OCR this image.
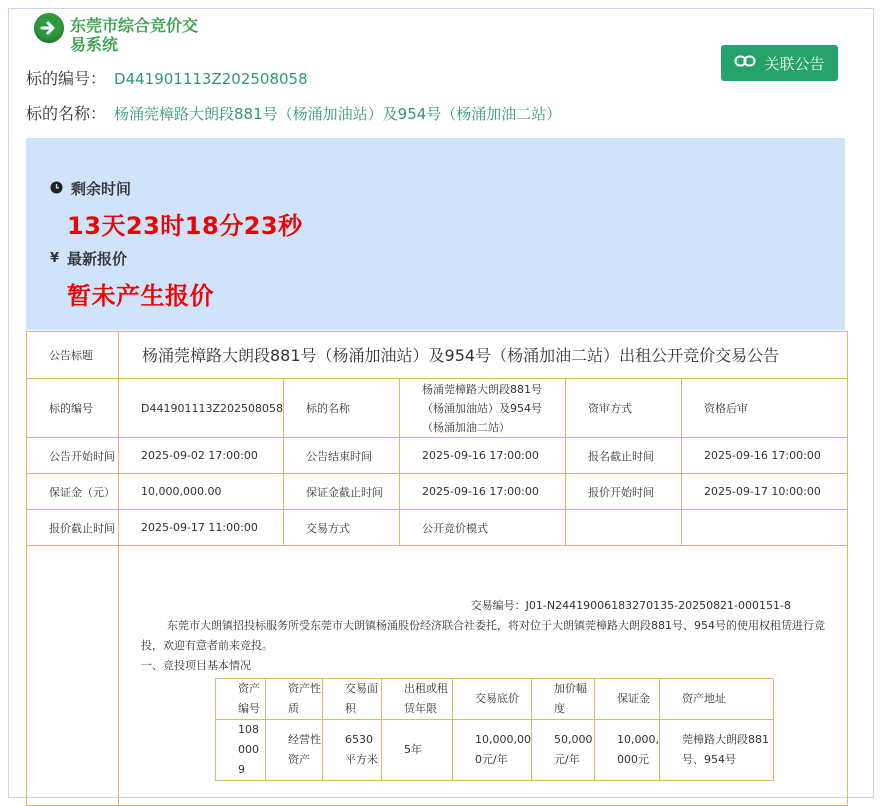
东莞市综合竞价交易系统
关联公告
标的编号： D441901113Z202508058
标的名称： 杨涌莞樟路大朗段881号（杨涌加油站）及954号（杨涌加油二站）
剩余时间
13天23时18分23秒
¥ 最新报价
暂未产生报价
公告标题	杨涌莞樟路大朗段881号（杨涌加油站）及954号（杨涌加油二站）出租公开竞价交易公告

标的编号	D441901113Z202508058	标的名称	杨涌莞樟路大朗段881号（杨涌加油站）及954号（杨涌加油二站）	资审方式	资格后审
公告开始时间	2025-09-02 17:00:00	公告结束时间	2025-09-16 17:00:00	报名截止时间	2025-09-16 17:00:00
保证金（元）	10,000,000.00	保证金截止时间	2025-09-16 17:00:00	报价开始时间	2025-09-17 10:00:00
报价截止时间	2025-09-17 11:00:00	交易方式	公开竞价模式		

交易编号：J01-N24419006183270135-20250821-000151-8
东莞市大朗镇招投标服务所受东莞市大朗镇杨涌股份经济联合社委托，将对位于大朗镇莞樟路大朗段881号、954号的使用权租赁进行竞投，欢迎有意者前来竞投。
一、竞投项目基本情况
资产编号	资产性质	交易面积	出租或租赁年限	交易底价	加价幅度	保证金	资产地址
1080009	经营性资产	6530平方米	5年	10,000,000元/年	50,000元/年	10,000,000元	莞樟路大朗段881号、954号
